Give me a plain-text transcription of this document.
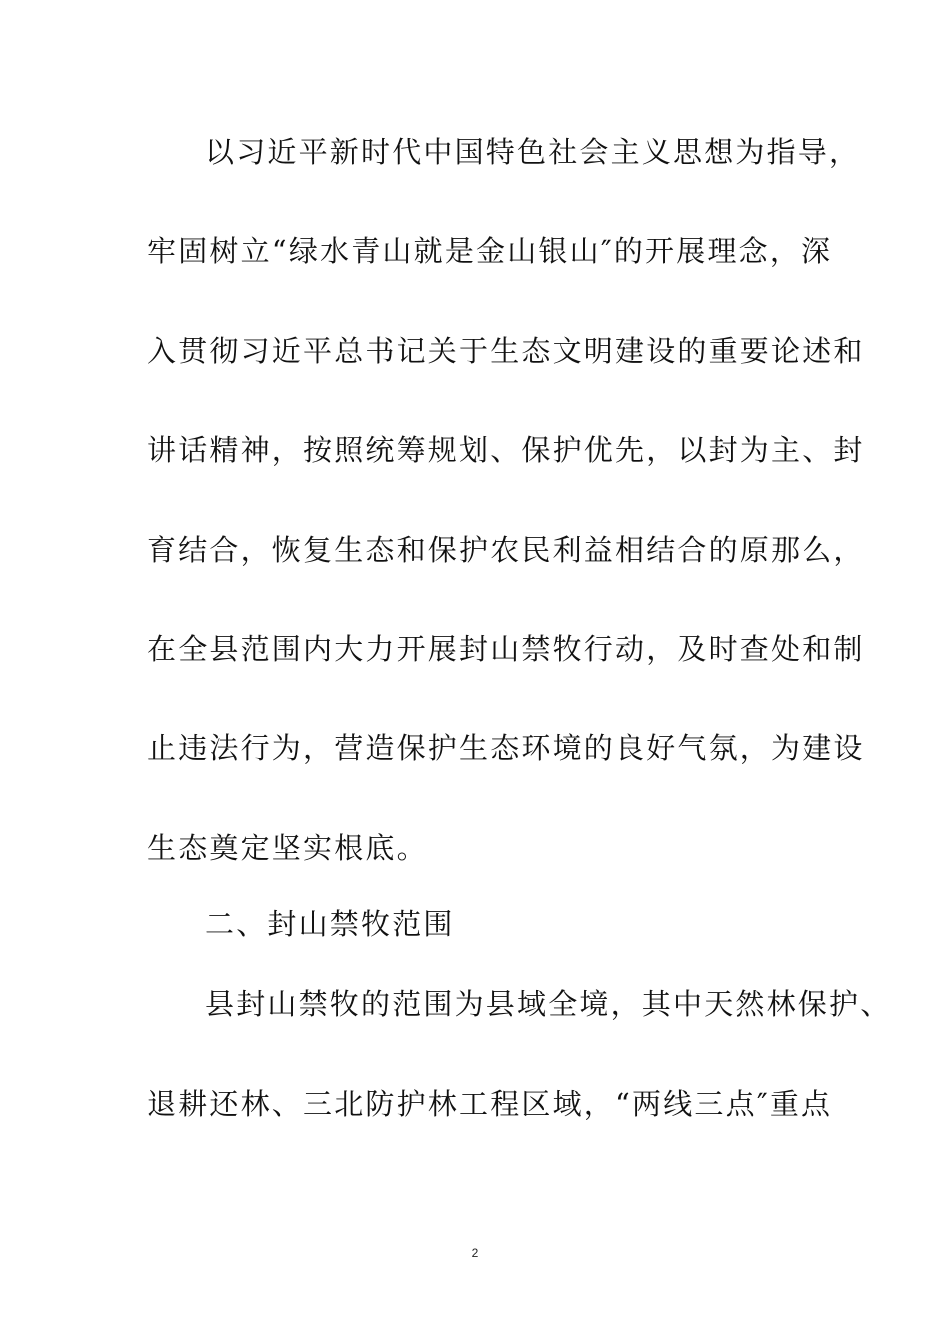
以习近平新时代中国特色社会主义思想为指导，
牢固树立“绿水青山就是金山银山″的开展理念，深
入贯彻习近平总书记关于生态文明建设的重要论述和
讲话精神，按照统筹规划、保护优先，以封为主、封
育结合，恢复生态和保护农民利益相结合的原那么，
在全县范围内大力开展封山禁牧行动，及时查处和制
止违法行为，营造保护生态环境的良好气氛，为建设
生态奠定坚实根底。
二、封山禁牧范围
县封山禁牧的范围为县域全境，其中天然林保护、
退耕还林、三北防护林工程区域，“两线三点″重点
2
